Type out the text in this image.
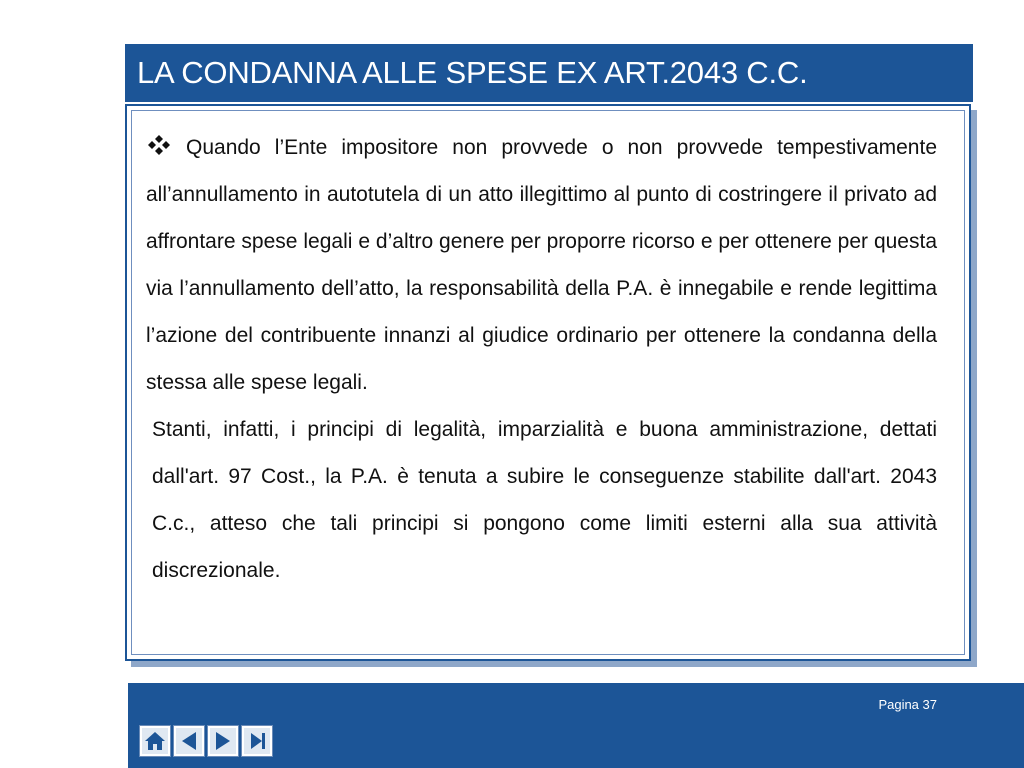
LA CONDANNA ALLE SPESE EX ART.2043 C.C.

Quando l’Ente impositore non provvede o non provvede tempestivamente all’annullamento in autotutela di un atto illegittimo al punto di costringere il privato ad affrontare spese legali e d’altro genere per proporre ricorso e per ottenere per questa via l’annullamento dell’atto, la responsabilità della P.A. è innegabile e rende legittima l’azione del contribuente innanzi al giudice ordinario per ottenere la condanna della stessa alle spese legali.

Stanti, infatti, i principi di legalità, imparzialità e buona amministrazione, dettati dall'art. 97 Cost., la P.A. è tenuta a subire le conseguenze stabilite dall'art. 2043 C.c., atteso che tali principi si pongono come limiti esterni alla sua attività discrezionale.

Pagina 37
